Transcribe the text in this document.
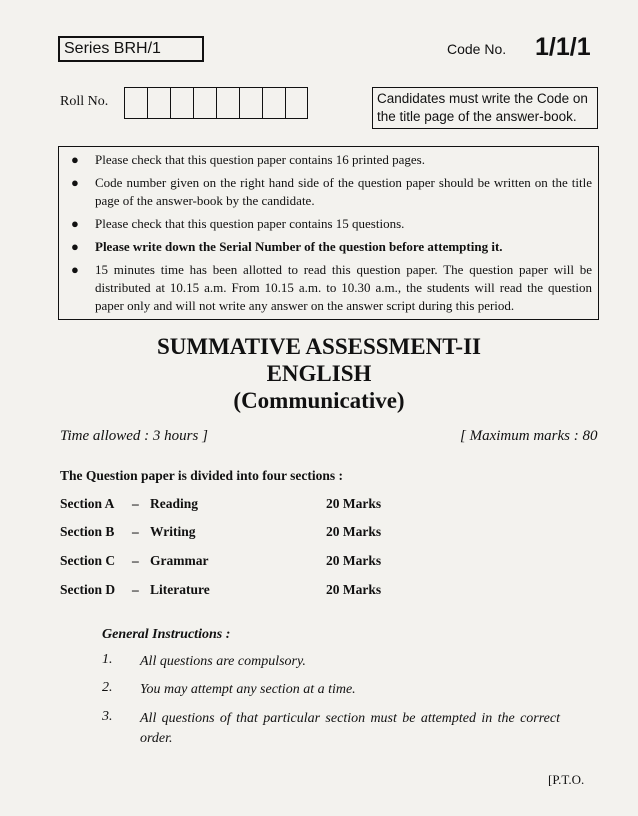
Series BRH/1	Code No. 1/1/1
Roll No.	Candidates must write the Code on the title page of the answer-book.
● Please check that this question paper contains 16 printed pages.
● Code number given on the right hand side of the question paper should be written on the title page of the answer-book by the candidate.
● Please check that this question paper contains 15 questions.
● Please write down the Serial Number of the question before attempting it.
● 15 minutes time has been allotted to read this question paper. The question paper will be distributed at 10.15 a.m. From 10.15 a.m. to 10.30 a.m., the students will read the question paper only and will not write any answer on the answer script during this period.
SUMMATIVE ASSESSMENT-II
ENGLISH
(Communicative)
Time allowed : 3 hours ]	[ Maximum marks : 80
The Question paper is divided into four sections :
Section A	– Reading	20 Marks
Section B	– Writing	20 Marks
Section C	– Grammar	20 Marks
Section D	– Literature	20 Marks
General Instructions :
1.	All questions are compulsory.
2.	You may attempt any section at a time.
3.	All questions of that particular section must be attempted in the correct order.
[P.T.O.
